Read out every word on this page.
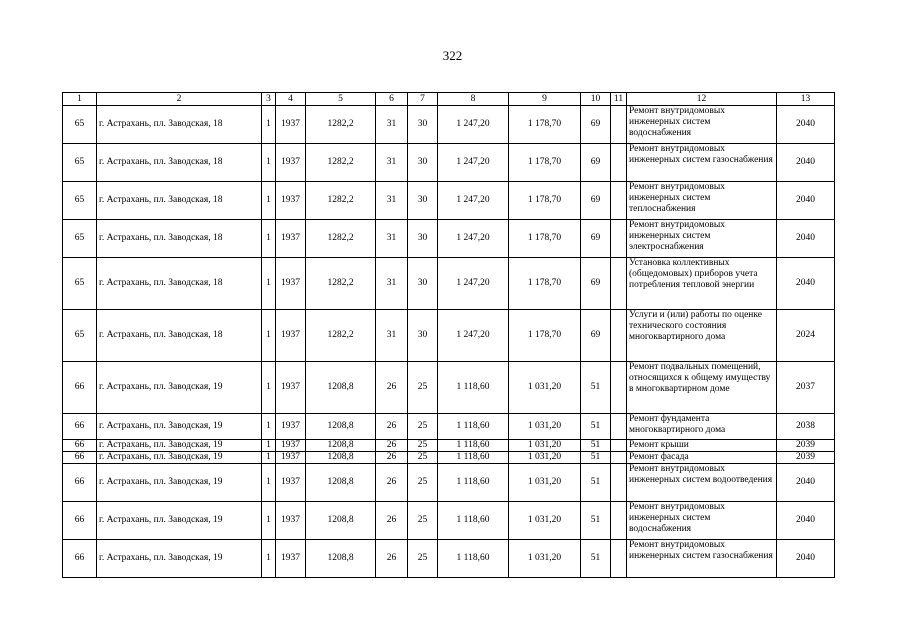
322
1	2	3	4	5	6	7	8	9	10	11	12	13
65	г. Астрахань, пл. Заводская, 18	1	1937	1282,2	31	30	1 247,20	1 178,70	69		Ремонт внутридомовых инженерных систем водоснабжения	2040
65	г. Астрахань, пл. Заводская, 18	1	1937	1282,2	31	30	1 247,20	1 178,70	69		Ремонт внутридомовых инженерных систем газоснабжения	2040
65	г. Астрахань, пл. Заводская, 18	1	1937	1282,2	31	30	1 247,20	1 178,70	69		Ремонт внутридомовых инженерных систем теплоснабжения	2040
65	г. Астрахань, пл. Заводская, 18	1	1937	1282,2	31	30	1 247,20	1 178,70	69		Ремонт внутридомовых инженерных систем электроснабжения	2040
65	г. Астрахань, пл. Заводская, 18	1	1937	1282,2	31	30	1 247,20	1 178,70	69		Установка коллективных (общедомовых) приборов учета потребления тепловой энергии	2040
65	г. Астрахань, пл. Заводская, 18	1	1937	1282,2	31	30	1 247,20	1 178,70	69		Услуги и (или) работы по оценке технического состояния многоквартирного дома	2024
66	г. Астрахань, пл. Заводская, 19	1	1937	1208,8	26	25	1 118,60	1 031,20	51		Ремонт подвальных помещений, относящихся к общему имуществу в многоквартирном доме	2037
66	г. Астрахань, пл. Заводская, 19	1	1937	1208,8	26	25	1 118,60	1 031,20	51		Ремонт фундамента многоквартирного дома	2038
66	г. Астрахань, пл. Заводская, 19	1	1937	1208,8	26	25	1 118,60	1 031,20	51		Ремонт крыши	2039
66	г. Астрахань, пл. Заводская, 19	1	1937	1208,8	26	25	1 118,60	1 031,20	51		Ремонт фасада	2039
66	г. Астрахань, пл. Заводская, 19	1	1937	1208,8	26	25	1 118,60	1 031,20	51		Ремонт внутридомовых инженерных систем водоотведения	2040
66	г. Астрахань, пл. Заводская, 19	1	1937	1208,8	26	25	1 118,60	1 031,20	51		Ремонт внутридомовых инженерных систем водоснабжения	2040
66	г. Астрахань, пл. Заводская, 19	1	1937	1208,8	26	25	1 118,60	1 031,20	51		Ремонт внутридомовых инженерных систем газоснабжения	2040
